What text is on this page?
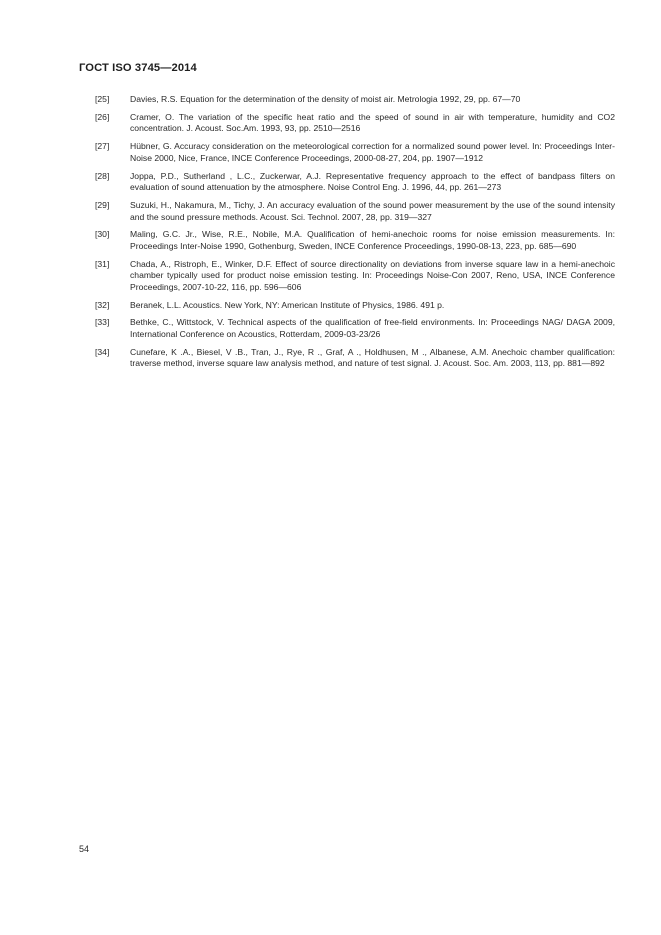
ГОСТ ISO 3745—2014
[25]	Davies, R.S. Equation for the determination of the density of moist air. Metrologia 1992, 29, pp. 67—70
[26]	Cramer, O. The variation of the specific heat ratio and the speed of sound in air with temperature, humidity and CO2 concentration. J. Acoust. Soc.Am. 1993, 93, pp. 2510—2516
[27]	Hübner, G. Accuracy consideration on the meteorological correction for a normalized sound power level. In: Proceedings Inter-Noise 2000, Nice, France, INCE Conference Proceedings, 2000-08-27, 204, pp. 1907—1912
[28]	Joppa, P.D., Sutherland , L.C., Zuckerwar, A.J. Representative frequency approach to the effect of bandpass filters on evaluation of sound attenuation by the atmosphere. Noise Control Eng. J. 1996, 44, pp. 261—273
[29]	Suzuki, H., Nakamura, M., Tichy, J. An accuracy evaluation of the sound power measurement by the use of the sound intensity and the sound pressure methods. Acoust. Sci. Technol. 2007, 28, pp. 319—327
[30]	Maling, G.C. Jr., Wise, R.E., Nobile, M.A. Qualification of hemi-anechoic rooms for noise emission measurements. In: Proceedings Inter-Noise 1990, Gothenburg, Sweden, INCE Conference Proceedings, 1990-08-13, 223, pp. 685—690
[31]	Chada, A., Ristroph, E., Winker, D.F. Effect of source directionality on deviations from inverse square law in a hemi-anechoic chamber typically used for product noise emission testing. In: Proceedings Noise-Con 2007, Reno, USA, INCE Conference Proceedings, 2007-10-22, 116, pp. 596—606
[32]	Beranek, L.L. Acoustics. New York, NY: American Institute of Physics, 1986. 491 p.
[33]	Bethke, C., Wittstock, V. Technical aspects of the qualification of free-field environments. In: Proceedings NAG/ DAGA 2009, International Conference on Acoustics, Rotterdam, 2009-03-23/26
[34]	Cunefare, K .A., Biesel, V .B., Tran, J., Rye, R ., Graf, A ., Holdhusen, M ., Albanese, A.M. Anechoic chamber qualification: traverse method, inverse square law analysis method, and nature of test signal. J. Acoust. Soc. Am. 2003, 113, pp. 881—892
54
